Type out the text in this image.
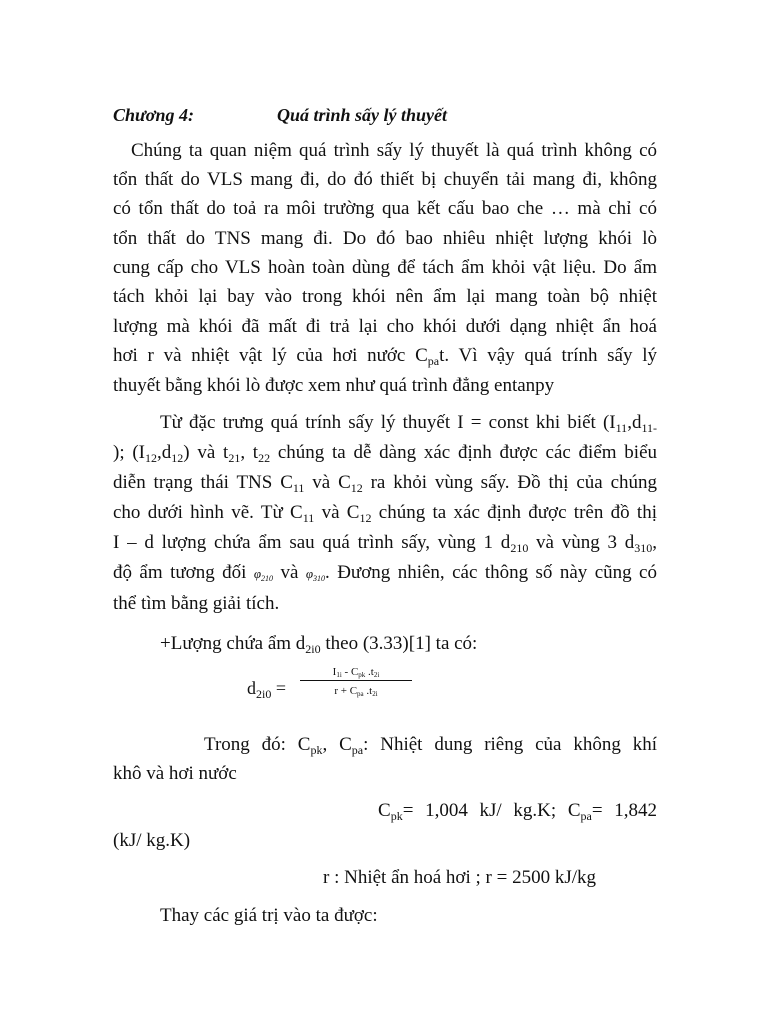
Chương 4:	Quá trình sấy lý thuyết
Chúng ta quan niệm quá trình sấy lý thuyết là quá trình không có
tổn thất do VLS mang đi, do đó thiết bị chuyển tải mang đi, không
có tổn thất do toả ra môi trường qua kết cấu bao che … mà chỉ có
tổn thất do TNS mang đi. Do đó bao nhiêu nhiệt lượng khói lò
cung cấp cho VLS hoàn toàn dùng để tách ẩm khỏi vật liệu. Do ẩm
tách khỏi lại bay vào trong khói nên ẩm lại mang toàn bộ nhiệt
lượng mà khói đã mất đi trả lại cho khói dưới dạng nhiệt ẩn hoá
hơi r và nhiệt vật lý của hơi nước $C_{pa}t$. Vì vậy quá trính sấy lý
thuyết bằng khói lò được xem như quá trình đẳng entanpy
Từ đặc trưng quá trính sấy lý thuyết I = const khi biết ($I_{11},d_{11-}$
); $(I_{12},d_{12})$ và $t_{21}$, $t_{22}$ chúng ta dễ dàng xác định được các điểm biểu
diễn trạng thái TNS $C_{11}$ và $C_{12}$ ra khỏi vùng sấy. Đồ thị của chúng
cho dưới hình vẽ. Từ $C_{11}$ và $C_{12}$ chúng ta xác định được trên đồ thị
I – d lượng chứa ẩm sau quá trình sấy, vùng 1 $d_{210}$ và vùng 3 $d_{310}$,
độ ẩm tương đối $\varphi_{210}$ và $\varphi_{310}$. Đương nhiên, các thông số này cũng có
thể tìm bằng giải tích.
+Lượng chứa ẩm $d_{2i0}$ theo (3.33)[1] ta có:
$d_{2i0}$ =
$I_{1i} - C_{pk}$ $.t_{2i}$
$r + C_{pa}$ $.t_{2i}$
Trong đó: $C_{pk}$, $C_{pa}$: Nhiệt dung riêng của không khí
khô và hơi nước
$C_{pk}= 1,004$ kJ/ kg.K; $C_{pa}= 1,842$
(kJ/ kg.K)
r : Nhiệt ẩn hoá hơi ; r = 2500 kJ/kg
Thay các giá trị vào ta được:
